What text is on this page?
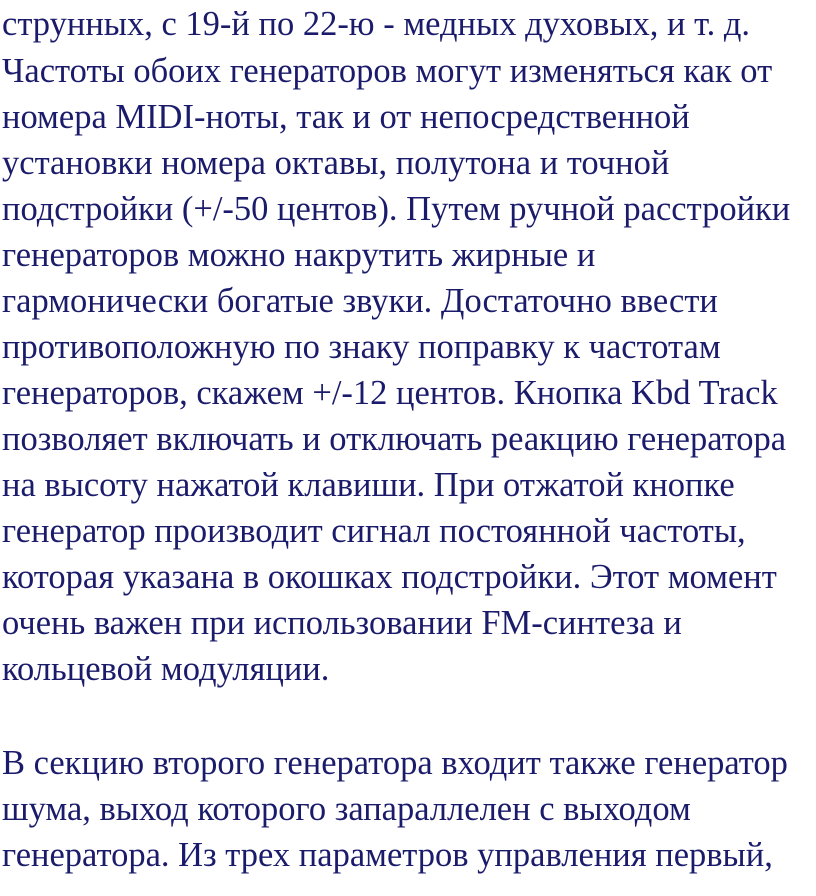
струнных, с 19-й по 22-ю - медных духовых, и т. д.
Частоты обоих генераторов могут изменяться как от
номера MIDI-ноты, так и от непосредственной
установки номера октавы, полутона и точной
подстройки (+/-50 центов). Путем ручной расстройки
генераторов можно накрутить жирные и
гармонически богатые звуки. Достаточно ввести
противоположную по знаку поправку к частотам
генераторов, скажем +/-12 центов. Кнопка Kbd Track
позволяет включать и отключать реакцию генератора
на высоту нажатой клавиши. При отжатой кнопке
генератор производит сигнал постоянной частоты,
которая указана в окошках подстройки. Этот момент
очень важен при использовании FM-синтеза и
кольцевой модуляции.
В секцию второго генератора входит также генератор
шума, выход которого запараллелен с выходом
генератора. Из трех параметров управления первый,
